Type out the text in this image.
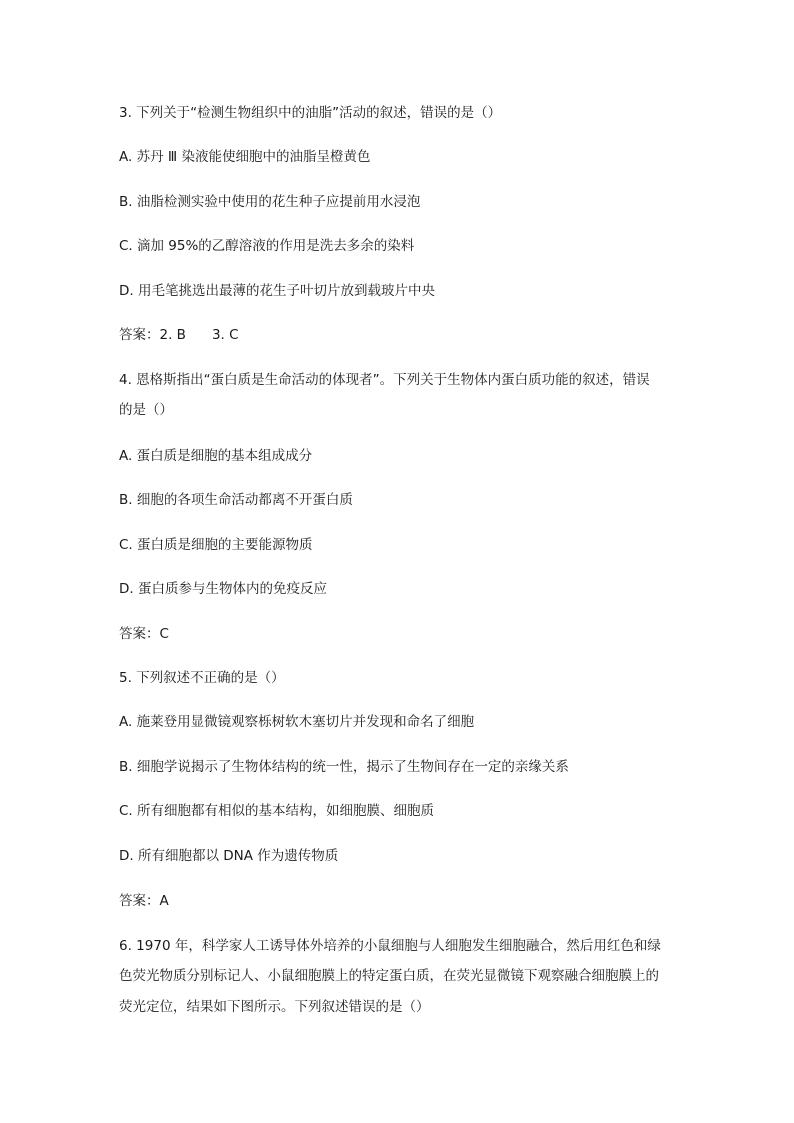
3. 下列关于“检测生物组织中的油脂”活动的叙述，错误的是（）
A. 苏丹 Ⅲ 染液能使细胞中的油脂呈橙黄色
B. 油脂检测实验中使用的花生种子应提前用水浸泡
C. 滴加 95%的乙醇溶液的作用是洗去多余的染料
D. 用毛笔挑选出最薄的花生子叶切片放到载玻片中央
答案：2. B 3. C
4. 恩格斯指出“蛋白质是生命活动的体现者”。下列关于生物体内蛋白质功能的叙述，错误
的是（）
A. 蛋白质是细胞的基本组成成分
B. 细胞的各项生命活动都离不开蛋白质
C. 蛋白质是细胞的主要能源物质
D. 蛋白质参与生物体内的免疫反应
答案：C
5. 下列叙述不正确的是（）
A. 施莱登用显微镜观察栎树软木塞切片并发现和命名了细胞
B. 细胞学说揭示了生物体结构的统一性，揭示了生物间存在一定的亲缘关系
C. 所有细胞都有相似的基本结构，如细胞膜、细胞质
D. 所有细胞都以 DNA 作为遗传物质
答案：A
6. 1970 年，科学家人工诱导体外培养的小鼠细胞与人细胞发生细胞融合，然后用红色和绿
色荧光物质分别标记人、小鼠细胞膜上的特定蛋白质，在荧光显微镜下观察融合细胞膜上的
荧光定位，结果如下图所示。下列叙述错误的是（）
